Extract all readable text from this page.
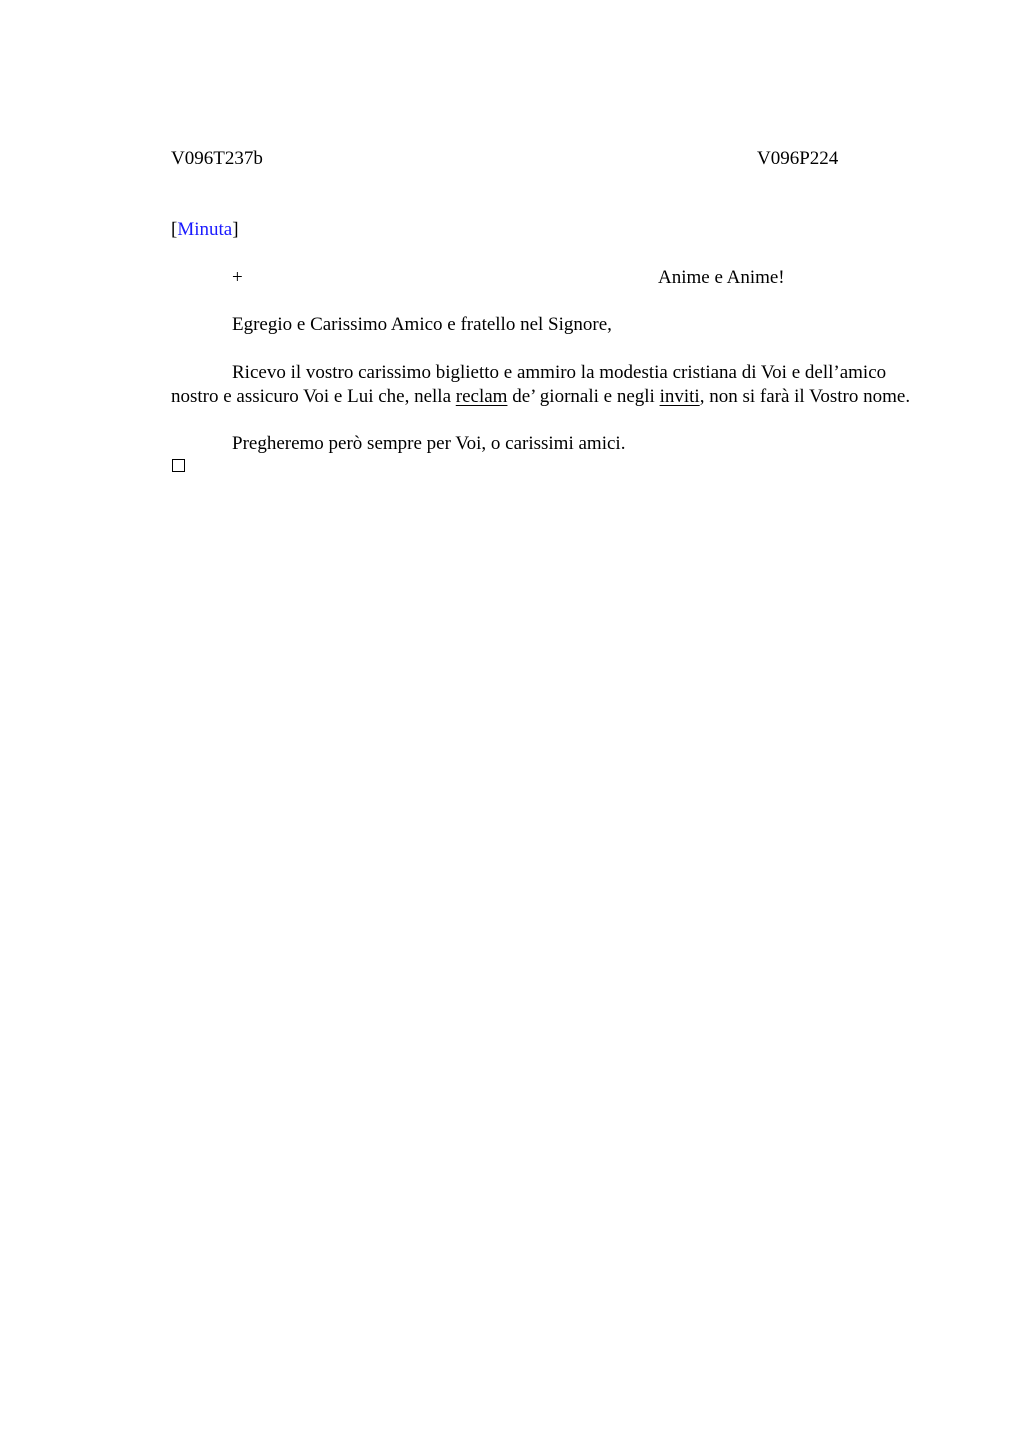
V096T237b	V096P224
[Minuta]
+	Anime e Anime!
Egregio e Carissimo Amico e fratello nel Signore,
Ricevo il vostro carissimo biglietto e ammiro la modestia cristiana di Voi e dell’amico nostro e assicuro Voi e Lui che, nella reclam de’ giornali e negli inviti, non si farà il Vostro nome.
Pregheremo però sempre per Voi, o carissimi amici.
